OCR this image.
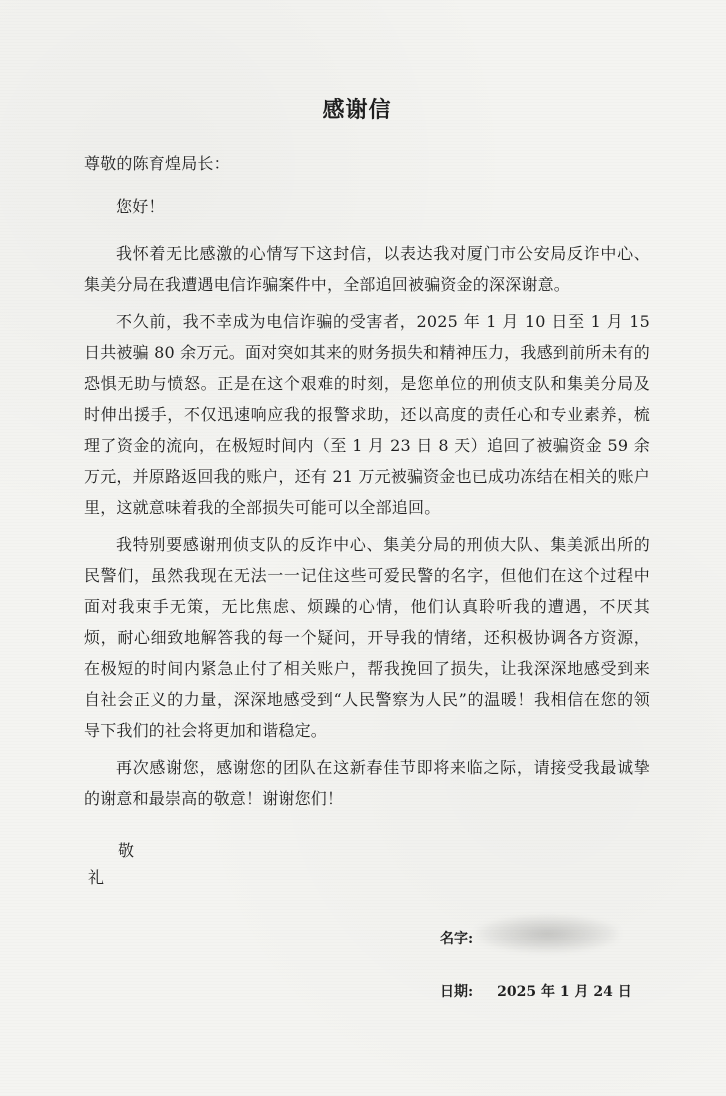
感谢信
尊敬的陈育煌局长：
您好！

我怀着无比感激的心情写下这封信，以表达我对厦门市公安局反诈中心、集美分局在我遭遇电信诈骗案件中，全部追回被骗资金的深深谢意。

不久前，我不幸成为电信诈骗的受害者，2025 年 1 月 10 日至 1 月 15 日共被骗 80 余万元。面对突如其来的财务损失和精神压力，我感到前所未有的恐惧无助与愤怒。正是在这个艰难的时刻，是您单位的刑侦支队和集美分局及时伸出援手，不仅迅速响应我的报警求助，还以高度的责任心和专业素养，梳理了资金的流向，在极短时间内（至 1 月 23 日 8 天）追回了被骗资金 59 余万元，并原路返回我的账户，还有 21 万元被骗资金也已成功冻结在相关的账户里，这就意味着我的全部损失可能可以全部追回。

我特别要感谢刑侦支队的反诈中心、集美分局的刑侦大队、集美派出所的民警们，虽然我现在无法一一记住这些可爱民警的名字，但他们在这个过程中面对我束手无策，无比焦虑、烦躁的心情，他们认真聆听我的遭遇，不厌其烦，耐心细致地解答我的每一个疑问，开导我的情绪，还积极协调各方资源，在极短的时间内紧急止付了相关账户，帮我挽回了损失，让我深深地感受到来自社会正义的力量，深深地感受到“人民警察为人民”的温暖！我相信在您的领导下我们的社会将更加和谐稳定。

再次感谢您，感谢您的团队在这新春佳节即将来临之际，请接受我最诚挚的谢意和最崇高的敬意！谢谢您们！

敬
礼
名字:
日期: 2025 年 1 月 24 日
